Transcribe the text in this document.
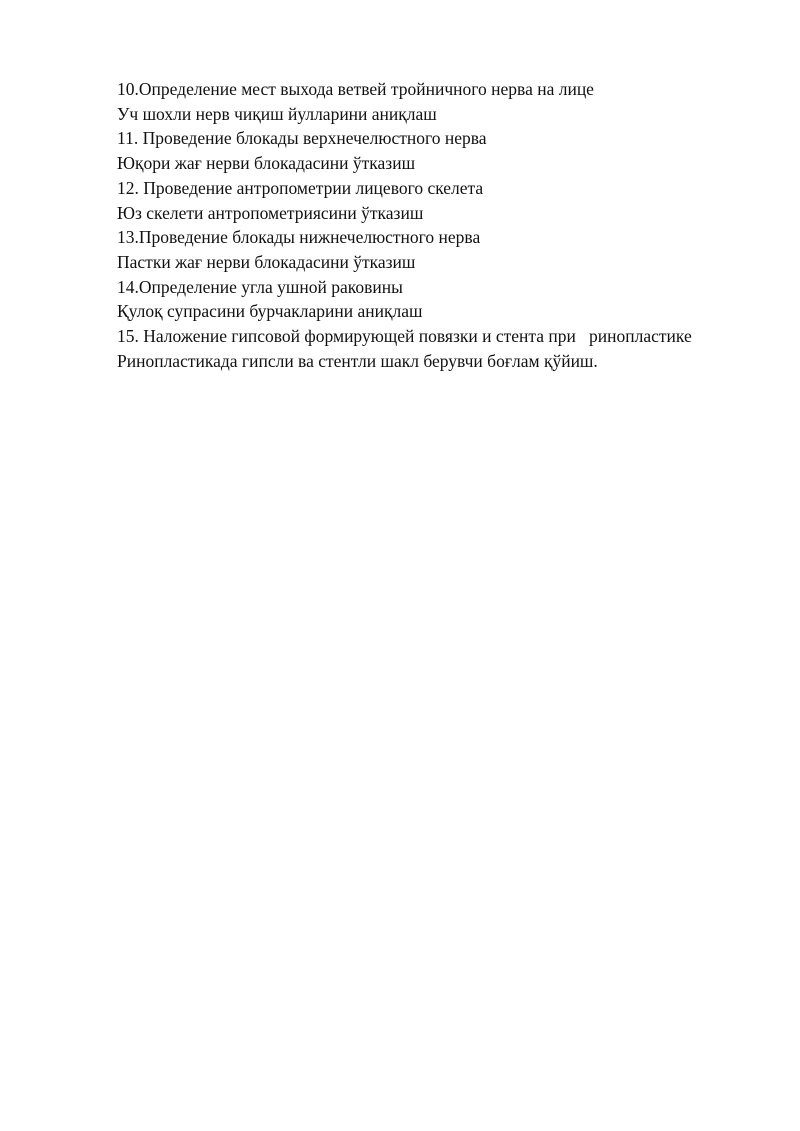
10.Определение мест выхода ветвей тройничного нерва на лице
Уч шохли нерв чиқиш йулларини аниқлаш
11. Проведение блокады верхнечелюстного нерва
Юқори жағ нерви блокадасини ўтказиш
12. Проведение антропометрии лицевого скелета
Юз скелети антропометриясини ўтказиш
13.Проведение блокады нижнечелюстного нерва
Пастки жағ нерви блокадасини ўтказиш
14.Определение угла ушной раковины
Қулоқ супрасини бурчакларини аниқлаш
15. Наложение гипсовой формирующей повязки и стента при   ринопластике
Ринопластикада гипсли ва стентли шакл берувчи боғлам қўйиш.
